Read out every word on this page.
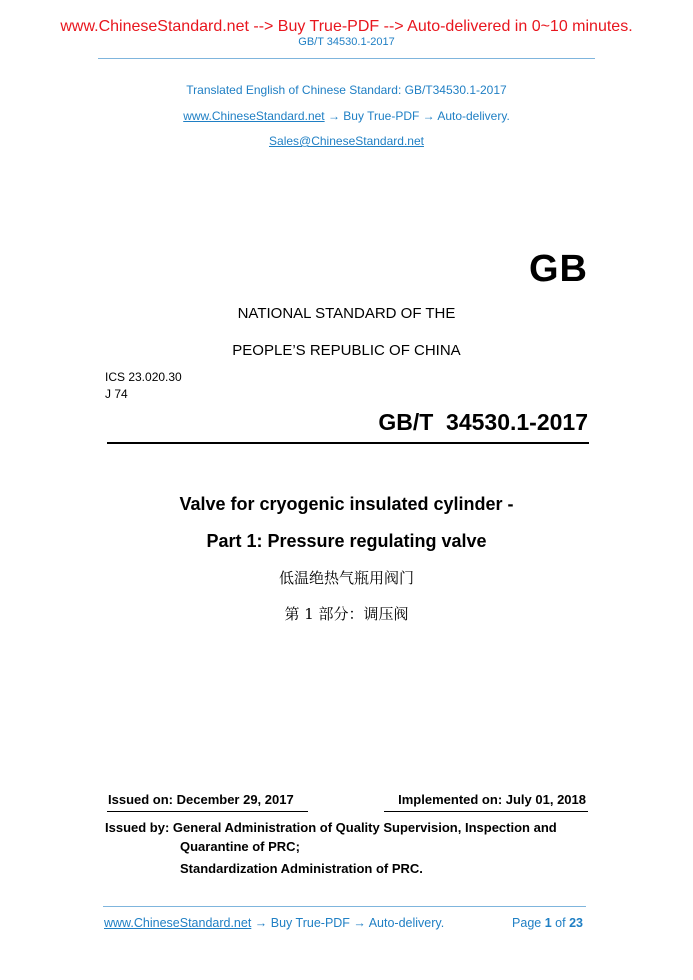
www.ChineseStandard.net --> Buy True-PDF --> Auto-delivered in 0~10 minutes.
GB/T 34530.1-2017
Translated English of Chinese Standard: GB/T34530.1-2017
www.ChineseStandard.net → Buy True-PDF → Auto-delivery.
Sales@ChineseStandard.net
GB
NATIONAL STANDARD OF THE
PEOPLE’S REPUBLIC OF CHINA
ICS 23.020.30
J 74
GB/T  34530.1-2017
Valve for cryogenic insulated cylinder -
Part 1: Pressure regulating valve
低温绝热气瓶用阀门
第 1 部分：调压阀
Issued on: December 29, 2017	Implemented on: July 01, 2018
Issued by: General Administration of Quality Supervision, Inspection and
Quarantine of PRC;
Standardization Administration of PRC.
www.ChineseStandard.net → Buy True-PDF → Auto-delivery.	Page 1 of 23
